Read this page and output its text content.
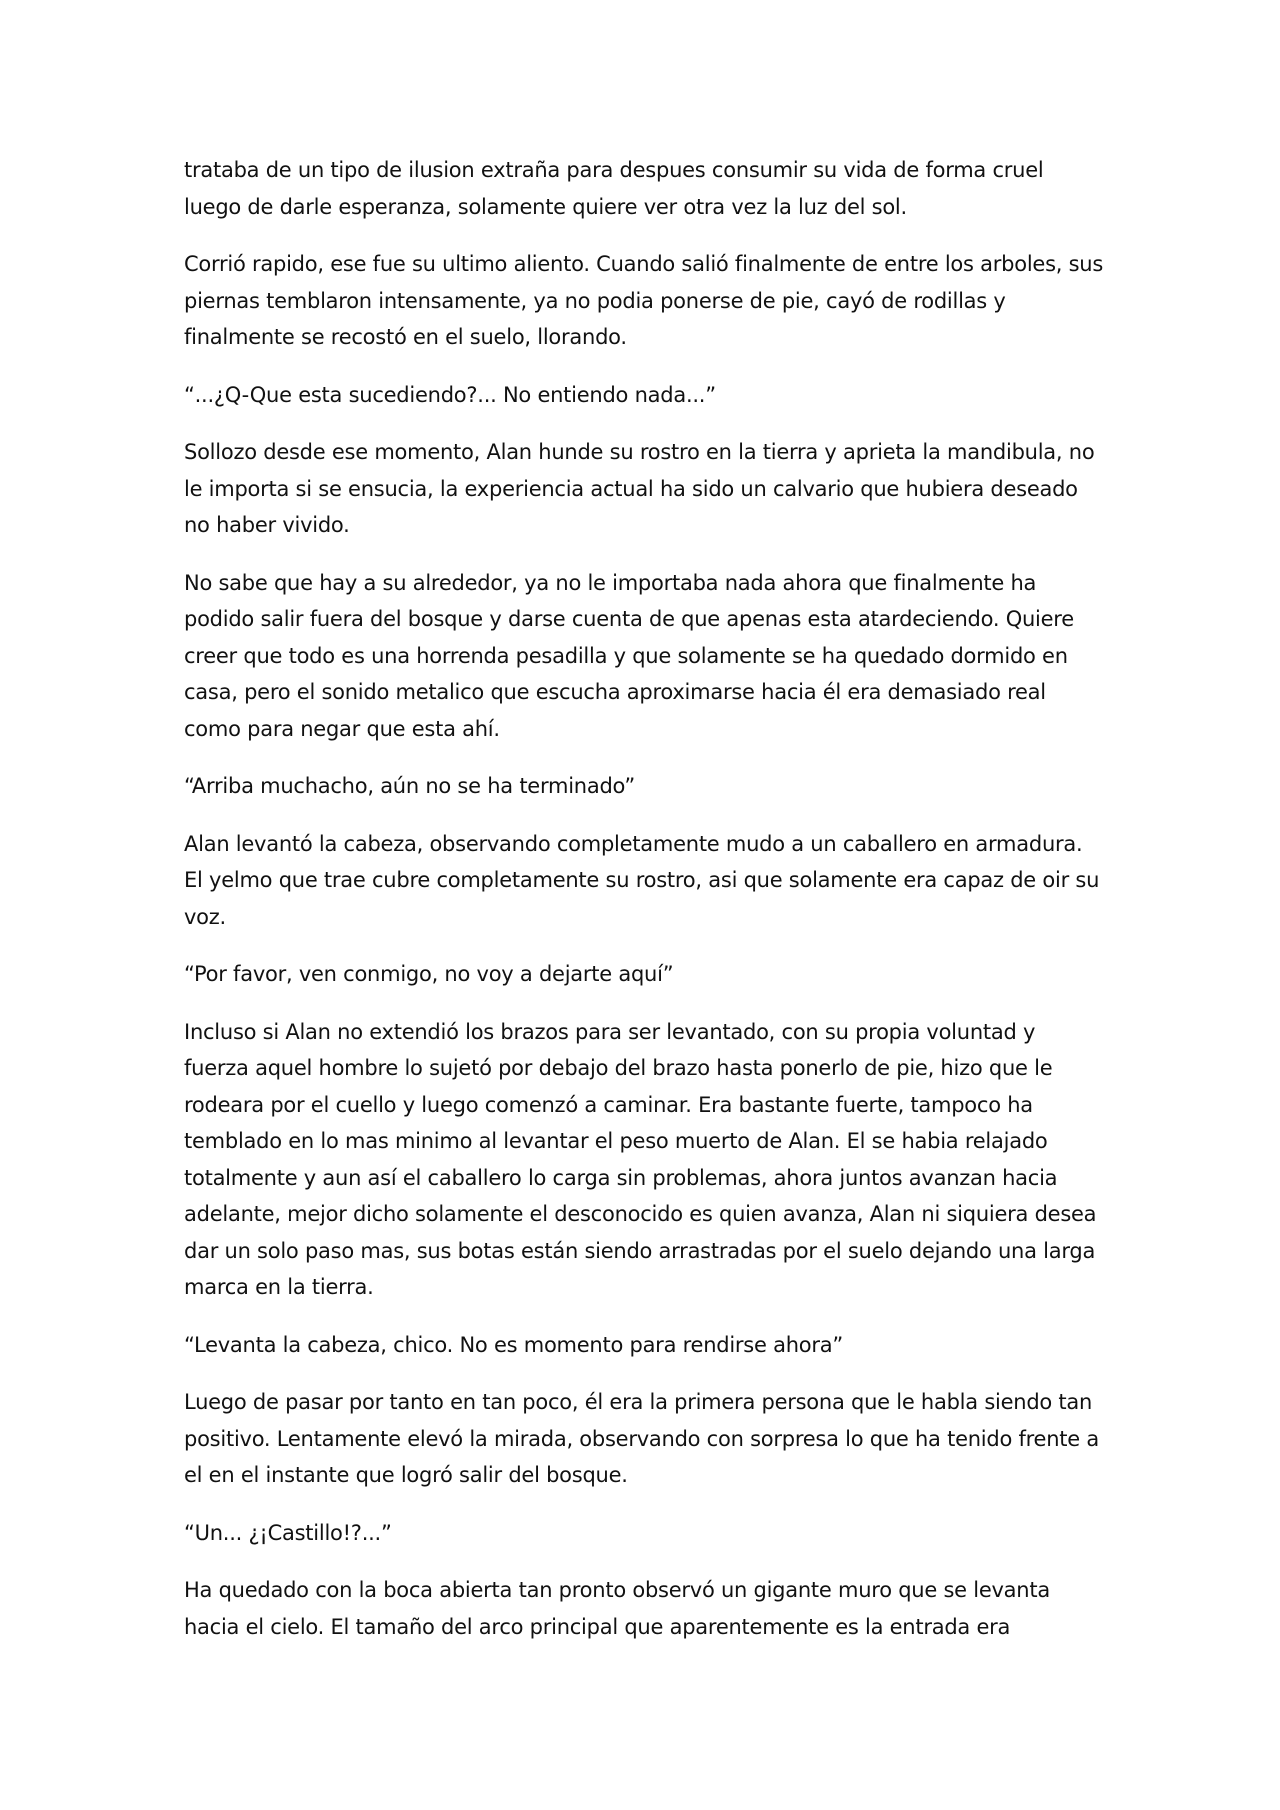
trataba de un tipo de ilusion extraña para despues consumir su vida de forma cruel luego de darle esperanza, solamente quiere ver otra vez la luz del sol.

Corrió rapido, ese fue su ultimo aliento. Cuando salió finalmente de entre los arboles, sus piernas temblaron intensamente, ya no podia ponerse de pie, cayó de rodillas y finalmente se recostó en el suelo, llorando.

“...¿Q-Que esta sucediendo?... No entiendo nada...”

Sollozo desde ese momento, Alan hunde su rostro en la tierra y aprieta la mandibula, no le importa si se ensucia, la experiencia actual ha sido un calvario que hubiera deseado no haber vivido.

No sabe que hay a su alrededor, ya no le importaba nada ahora que finalmente ha podido salir fuera del bosque y darse cuenta de que apenas esta atardeciendo. Quiere creer que todo es una horrenda pesadilla y que solamente se ha quedado dormido en casa, pero el sonido metalico que escucha aproximarse hacia él era demasiado real como para negar que esta ahí.

“Arriba muchacho, aún no se ha terminado”

Alan levantó la cabeza, observando completamente mudo a un caballero en armadura. El yelmo que trae cubre completamente su rostro, asi que solamente era capaz de oir su voz.

“Por favor, ven conmigo, no voy a dejarte aquí”

Incluso si Alan no extendió los brazos para ser levantado, con su propia voluntad y fuerza aquel hombre lo sujetó por debajo del brazo hasta ponerlo de pie, hizo que le rodeara por el cuello y luego comenzó a caminar. Era bastante fuerte, tampoco ha temblado en lo mas minimo al levantar el peso muerto de Alan. El se habia relajado totalmente y aun así el caballero lo carga sin problemas, ahora juntos avanzan hacia adelante, mejor dicho solamente el desconocido es quien avanza, Alan ni siquiera desea dar un solo paso mas, sus botas están siendo arrastradas por el suelo dejando una larga marca en la tierra.

“Levanta la cabeza, chico. No es momento para rendirse ahora”

Luego de pasar por tanto en tan poco, él era la primera persona que le habla siendo tan positivo. Lentamente elevó la mirada, observando con sorpresa lo que ha tenido frente a el en el instante que logró salir del bosque.

“Un... ¿¡Castillo!?...”

Ha quedado con la boca abierta tan pronto observó un gigante muro que se levanta hacia el cielo. El tamaño del arco principal que aparentemente es la entrada era
